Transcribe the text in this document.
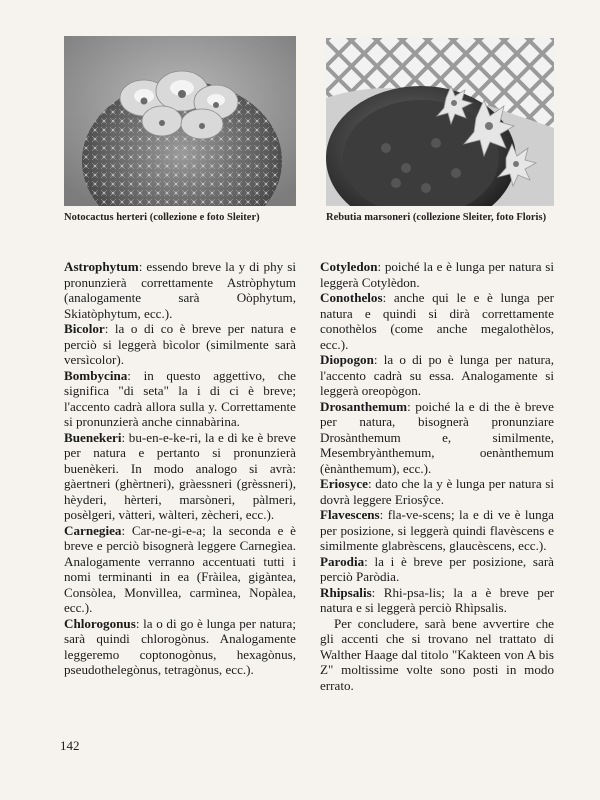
Notocactus herteri (collezione e foto Sleiter)	Rebutia marsoneri (collezione Sleiter, foto Floris)

Astrophytum: essendo breve la y di phy si pronunzierà correttamente Astròphytum (analogamente sarà Oòphytum, Skiatòphytum, ecc.).

Bicolor: la o di co è breve per natura e perciò si leggerà bìcolor (similmente sarà versìcolor).

Bombycina: in questo aggettivo, che significa "di seta" la i di ci è breve; l'accento cadrà allora sulla y. Correttamente si pronunzierà anche cinnabàrina.

Buenekeri: bu-en-e-ke-ri, la e di ke è breve per natura e pertanto si pronunzierà buenèkeri. In modo analogo si avrà: gàertneri (ghèrtneri), gràessneri (grèssneri), hèyderi, hèrteri, marsòneri, pàlmeri, posèlgeri, vàtteri, wàlteri, zècheri, ecc.).

Carnegiea: Car-ne-gi-e-a; la seconda e è breve e perciò bisognerà leggere Carnegìea. Analogamente verranno accentuati tutti i nomi terminanti in ea (Fràilea, gigàntea, Consòlea, Monvìllea, carmìnea, Nopàlea, ecc.).

Chlorogonus: la o di go è lunga per natura; sarà quindi chlorogònus. Analogamente leggeremo coptonogònus, hexagònus, pseudothelegònus, tetragònus, ecc.).

Cotyledon: poiché la e è lunga per natura si leggerà Cotylèdon.

Conothelos: anche qui le e è lunga per natura e quindi si dirà correttamente conothèlos (come anche megalothèlos, ecc.).

Diopogon: la o di po è lunga per natura, l'accento cadrà su essa. Analogamente si leggerà oreopògon.

Drosanthemum: poiché la e di the è breve per natura, bisognerà pronunziare Drosànthemum e, similmente, Mesembryànthemum, oenànthemum (ènànthemum), ecc.).

Eriosyce: dato che la y è lunga per natura si dovrà leggere Eriosŷce.

Flavescens: fla-ve-scens; la e di ve è lunga per posizione, si leggerà quindi flavèscens e similmente glabrèscens, glaucèscens, ecc.).

Parodia: la i è breve per posizione, sarà perciò Paròdia.

Rhipsalis: Rhi-psa-lis; la a è breve per natura e si leggerà perciò Rhìpsalis.

Per concludere, sarà bene avvertire che gli accenti che si trovano nel trattato di Walther Haage dal titolo "Kakteen von A bis Z" moltissime volte sono posti in modo errato.

142
